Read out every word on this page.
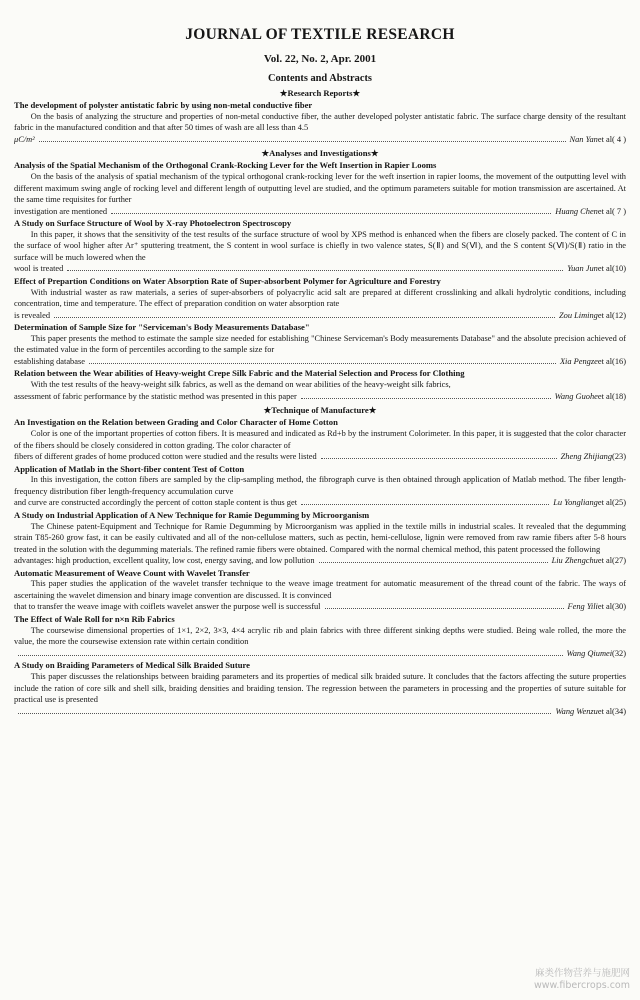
JOURNAL OF TEXTILE RESEARCH
Vol. 22, No. 2, Apr. 2001
Contents and Abstracts
★Research Reports★
The development of polyster antistatic fabric by using non-metal conductive fiber
On the basis of analyzing the structure and properties of non-metal conductive fiber, the auther developed polyster antistatic fabric. The surface charge density of the resultant fabric in the manufactured condition and that after 50 times of wash are all less than 4.5
μC/m²	Nan Yan et al( 4 )
★Analyses and Investigations★
Analysis of the Spatial Mechanism of the Orthogonal Crank-Rocking Lever for the Weft Insertion in Rapier Looms
On the basis of the analysis of spatial mechanism of the typical orthogonal crank-rocking lever for the weft insertion in rapier looms, the movement of the outputting level with different maximum swing angle of rocking level and different length of outputting level are studied, and the optimum parameters suitable for motion transmission are ascertained. At the same time requisites for further
investigation are mentioned	Huang Chen et al( 7 )
A Study on Surface Structure of Wool by X-ray Photoelectron Spectroscopy
In this paper, it shows that the sensitivity of the test results of the surface structure of wool by XPS method is enhanced when the fibers are closely packed. The content of C in the surface of wool higher after Ar⁺ sputtering treatment, the S content in wool surface is chiefly in two valence states, S(Ⅱ) and S(Ⅵ), and the S content S(Ⅵ)/S(Ⅱ) ratio in the surface will be much lowered when the
wool is treated	Yuan Jun et al(10)
Effect of Prepartion Conditions on Water Absorption Rate of Super-absorbent Polymer for Agriculture and Forestry
With industrial waster as raw materials, a series of super-absorbers of polyacrylic acid salt are prepared at different crosslinking and alkali hydrolytic conditions, including concentration, time and temperature. The effect of preparation condition on water absorption rate
is revealed	Zou Liming et al(12)
Determination of Sample Size for "Serviceman's Body Measurements Database"
This paper presents the method to estimate the sample size needed for establishing "Chinese Serviceman's Body measurements Database" and the absolute precision achieved of the estimated value in the form of percentiles according to the sample size for
establishing database	Xia Pengze et al(16)
Relation between the Wear abilities of Heavy-weight Crepe Silk Fabric and the Material Selection and Process for Clothing
With the test results of the heavy-weight silk fabrics, as well as the demand on wear abilities of the heavy-weight silk fabrics,
assessment of fabric performance by the statistic method was presented in this paper	Wang Guohe et al(18)
★Technique of Manufacture★
An Investigation on the Relation between Grading and Color Character of Home Cotton
Color is one of the important properties of cotton fibers. It is measured and indicated as Rd+b by the instrument Colorimeter. In this paper, it is suggested that the color character of the fibers should be closely considered in cotton grading. The color character of
fibers of different grades of home produced cotton were studied and the results were listed	Zheng Zhijiang (23)
Application of Matlab in the Short-fiber content Test of Cotton
In this investigation, the cotton fibers are sampled by the clip-sampling method, the fibrograph curve is then obtained through application of Matlab method. The fiber length-frequency distribution fiber length-frequency accumulation curve
and curve are constructed accordingly the percent of cotton staple content is thus get	Lu Yongliang et al(25)
A Study on Industrial Application of A New Technique for Ramie Degumming by Microorganism
The Chinese patent-Equipment and Technique for Ramie Degumming by Microorganism was applied in the textile mills in industrial scales. It revealed that the degumming strain T85-260 grow fast, it can be easily cultivated and all of the non-cellulose matters, such as pectin, hemi-cellulose, lignin were removed from raw ramie fibers after 5-8 hours treated in the solution with the degumming materials. The refined ramie fibers were obtained. Compared with the normal chemical method, this patent processed the following
advantages: high production, excellent quality, low cost, energy saving, and low pollution	Liu Zhengchu et al(27)
Automatic Measurement of Weave Count with Wavelet Transfer
This paper studies the application of the wavelet transfer technique to the weave image treatment for automatic measurement of the thread count of the fabric. The ways of ascertaining the wavelet dimension and binary image convention are discussed. It is convinced
that to transfer the weave image with coiflets wavelet answer the purpose well is successful	Feng Yili et al(30)
The Effect of Wale Roll for n×n Rib Fabrics
The coursewise dimensional properties of 1×1, 2×2, 3×3, 4×4 acrylic rib and plain fabrics with three different sinking depths were studied. Being wale rolled, the more the value, the more the coursewise extension rate within certain condition
Wang Qiumei (32)
A Study on Braiding Parameters of Medical Silk Braided Suture
This paper discusses the relationships between braiding parameters and its properties of medical silk braided suture. It concludes that the factors affecting the suture properties include the ration of core silk and shell silk, braiding densities and braiding tension. The regression between the parameters in processing and the properties of suture suitable for practical use is presented
Wang Wenzu et al(34)
麻类作物营养与施肥网
www.fibercrops.com
